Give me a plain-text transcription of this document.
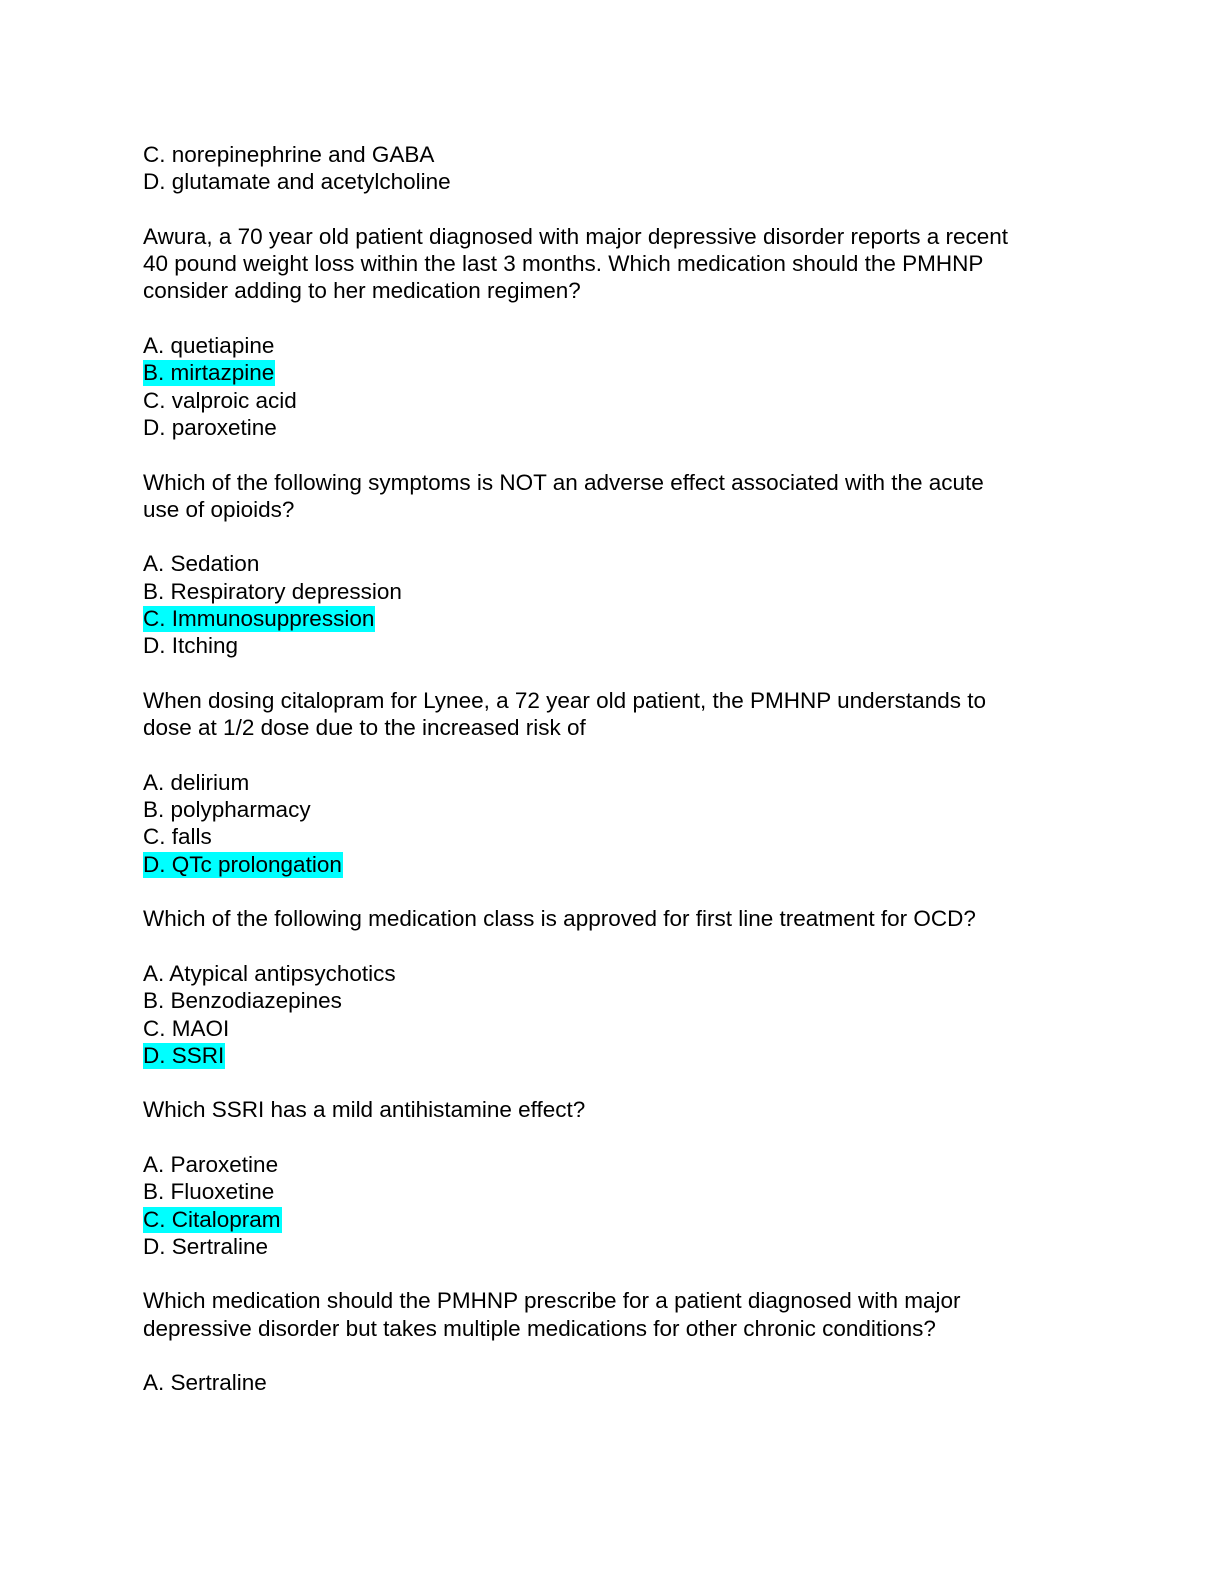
C. norepinephrine and GABA
D. glutamate and acetylcholine
Awura, a 70 year old patient diagnosed with major depressive disorder reports a recent
40 pound weight loss within the last 3 months. Which medication should the PMHNP
consider adding to her medication regimen?
A. quetiapine
B. mirtazpine
C. valproic acid
D. paroxetine
Which of the following symptoms is NOT an adverse effect associated with the acute
use of opioids?
A. Sedation
B. Respiratory depression
C. Immunosuppression
D. Itching
When dosing citalopram for Lynee, a 72 year old patient, the PMHNP understands to
dose at 1/2 dose due to the increased risk of
A. delirium
B. polypharmacy
C. falls
D. QTc prolongation
Which of the following medication class is approved for first line treatment for OCD?
A. Atypical antipsychotics
B. Benzodiazepines
C. MAOI
D. SSRI
Which SSRI has a mild antihistamine effect?
A. Paroxetine
B. Fluoxetine
C. Citalopram
D. Sertraline
Which medication should the PMHNP prescribe for a patient diagnosed with major
depressive disorder but takes multiple medications for other chronic conditions?
A. Sertraline
